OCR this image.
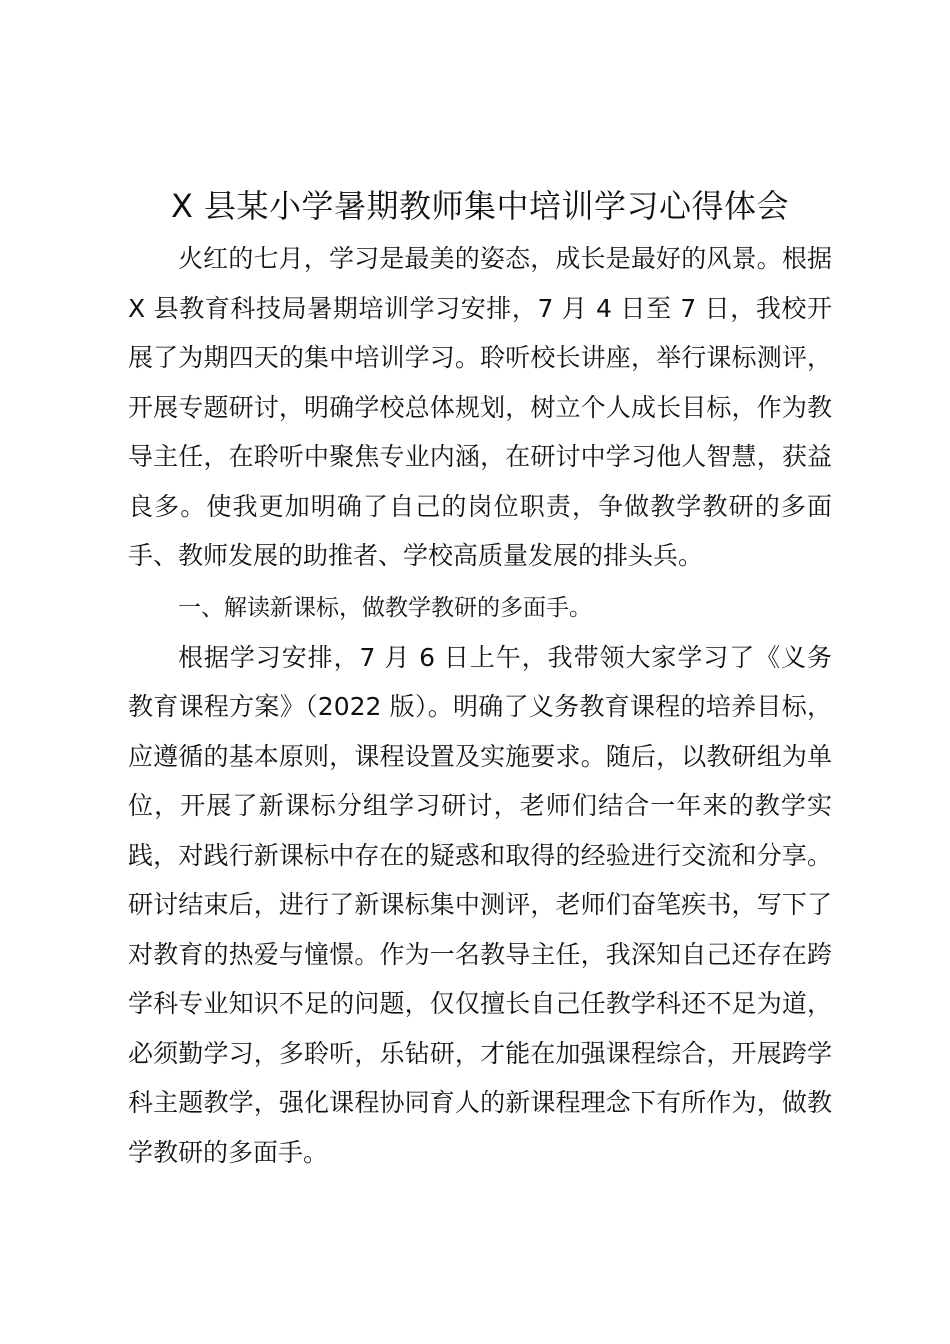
X 县某小学暑期教师集中培训学习心得体会

火红的七月，学习是最美的姿态，成长是最好的风景。根据 X 县教育科技局暑期培训学习安排，7 月 4 日至 7 日，我校开展了为期四天的集中培训学习。聆听校长讲座，举行课标测评，开展专题研讨，明确学校总体规划，树立个人成长目标，作为教导主任，在聆听中聚焦专业内涵，在研讨中学习他人智慧，获益良多。使我更加明确了自己的岗位职责，争做教学教研的多面手、教师发展的助推者、学校高质量发展的排头兵。

一、解读新课标，做教学教研的多面手。

根据学习安排，7 月 6 日上午，我带领大家学习了《义务教育课程方案》（2022 版）。明确了义务教育课程的培养目标，应遵循的基本原则，课程设置及实施要求。随后，以教研组为单位，开展了新课标分组学习研讨，老师们结合一年来的教学实践，对践行新课标中存在的疑惑和取得的经验进行交流和分享。研讨结束后，进行了新课标集中测评，老师们奋笔疾书，写下了对教育的热爱与憧憬。作为一名教导主任，我深知自己还存在跨学科专业知识不足的问题，仅仅擅长自己任教学科还不足为道，必须勤学习，多聆听，乐钻研，才能在加强课程综合，开展跨学科主题教学，强化课程协同育人的新课程理念下有所作为，做教学教研的多面手。
